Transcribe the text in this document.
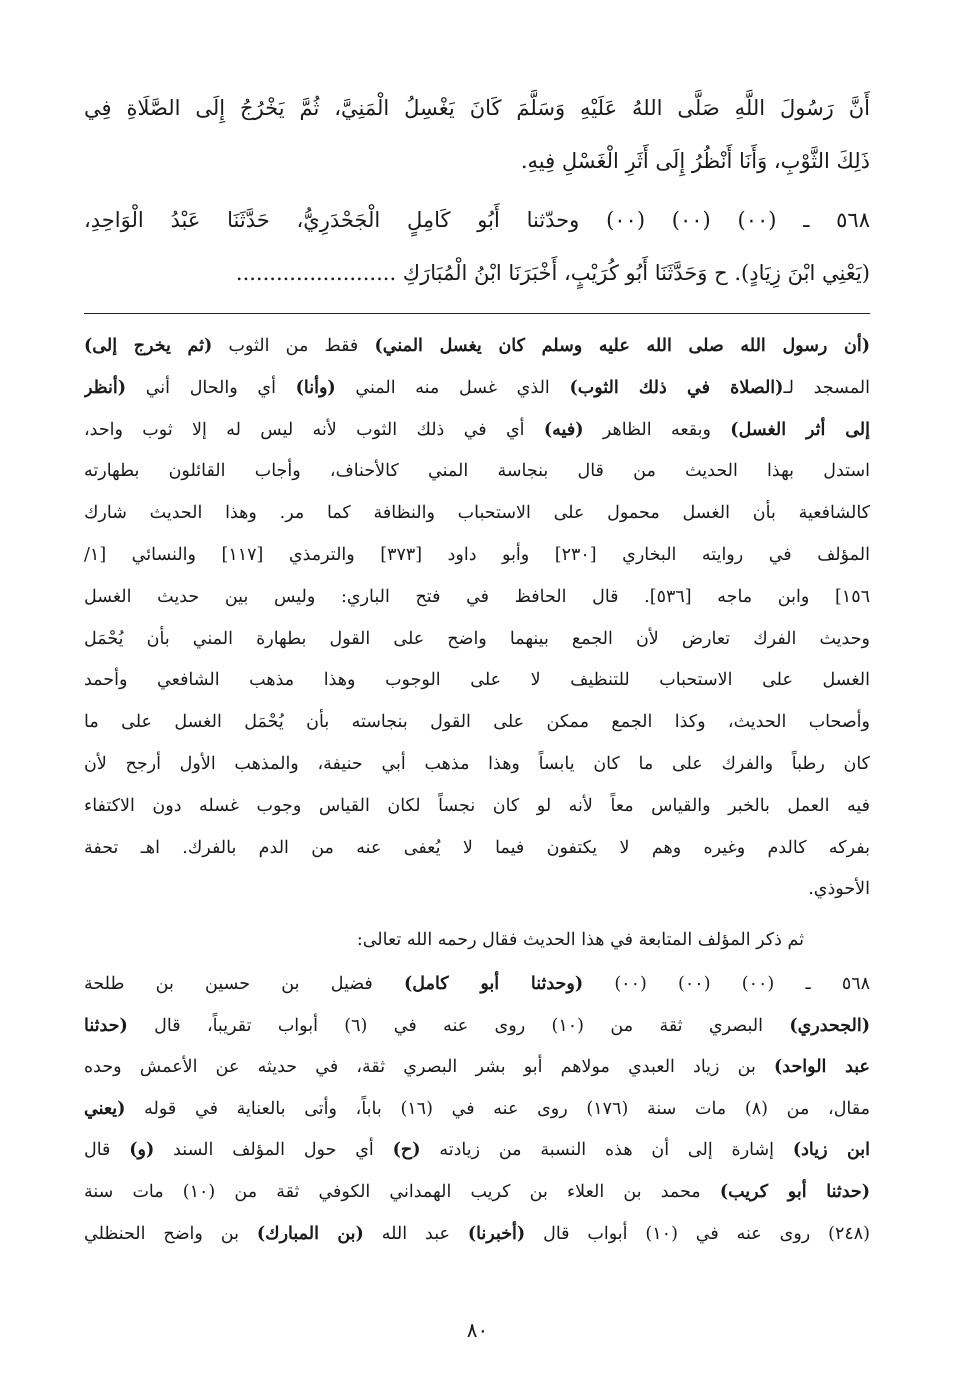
أَنَّ رَسُولَ اللَّهِ صَلَّى اللهُ عَلَيْهِ وَسَلَّمَ كَانَ يَغْسِلُ الْمَنِيَّ، ثُمَّ يَخْرُجُ إِلَى الصَّلَاةِ فِي
ذَلِكَ الثَّوْبِ، وَأَنَا أَنْظُرُ إِلَى أَثَرِ الْغَسْلِ فِيهِ.
٥٦٨ ـ (٠٠) (٠٠) (٠٠) وحدّثنا أَبُو كَامِلٍ الْجَحْدَرِيُّ، حَدَّثَنَا عَبْدُ الْوَاحِدِ،
(يَعْنِي ابْنَ زِيَادٍ). ح وَحَدَّثَنَا أَبُو كُرَيْبٍ، أَخْبَرَنَا ابْنُ الْمُبَارَكِ ........................
(أن رسول الله صلى الله عليه وسلم كان يغسل المني) فقط من الثوب (ثم يخرج إلى)
المسجد لـ(الصلاة في ذلك الثوب) الذي غسل منه المني (وأنا) أي والحال أني (أنظر
إلى أثر الغسل) وبقعه الظاهر (فيه) أي في ذلك الثوب لأنه ليس له إلا ثوب واحد،
استدل بهذا الحديث من قال بنجاسة المني كالأحناف، وأجاب القائلون بطهارته
كالشافعية بأن الغسل محمول على الاستحباب والنظافة كما مر. وهذا الحديث شارك
المؤلف في روايته البخاري [٢٣٠] وأبو داود [٣٧٣] والترمذي [١١٧] والنسائي [١/
١٥٦] وابن ماجه [٥٣٦]. قال الحافظ في فتح الباري: وليس بين حديث الغسل
وحديث الفرك تعارض لأن الجمع بينهما واضح على القول بطهارة المني بأن يُحْمَل
الغسل على الاستحباب للتنظيف لا على الوجوب وهذا مذهب الشافعي وأحمد
وأصحاب الحديث، وكذا الجمع ممكن على القول بنجاسته بأن يُحْمَل الغسل على ما
كان رطباً والفرك على ما كان يابساً وهذا مذهب أبي حنيفة، والمذهب الأول أرجح لأن
فيه العمل بالخبر والقياس معاً لأنه لو كان نجساً لكان القياس وجوب غسله دون الاكتفاء
بفركه كالدم وغيره وهم لا يكتفون فيما لا يُعفى عنه من الدم بالفرك. اهـ تحفة
الأحوذي.
ثم ذكر المؤلف المتابعة في هذا الحديث فقال رحمه الله تعالى:
٥٦٨ ـ (٠٠) (٠٠) (٠٠) (وحدثنا أبو كامل) فضيل بن حسين بن طلحة
(الجحدري) البصري ثقة من (١٠) روى عنه في (٦) أبواب تقريباً، قال (حدثنا
عبد الواحد) بن زياد العبدي مولاهم أبو بشر البصري ثقة، في حديثه عن الأعمش وحده
مقال، من (٨) مات سنة (١٧٦) روى عنه في (١٦) باباً، وأتى بالعناية في قوله (يعني
ابن زياد) إشارة إلى أن هذه النسبة من زيادته (ح) أي حول المؤلف السند (و) قال
(حدثنا أبو كريب) محمد بن العلاء بن كريب الهمداني الكوفي ثقة من (١٠) مات سنة
(٢٤٨) روى عنه في (١٠) أبواب قال (أخبرنا) عبد الله (بن المبارك) بن واضح الحنظلي
٨٠
